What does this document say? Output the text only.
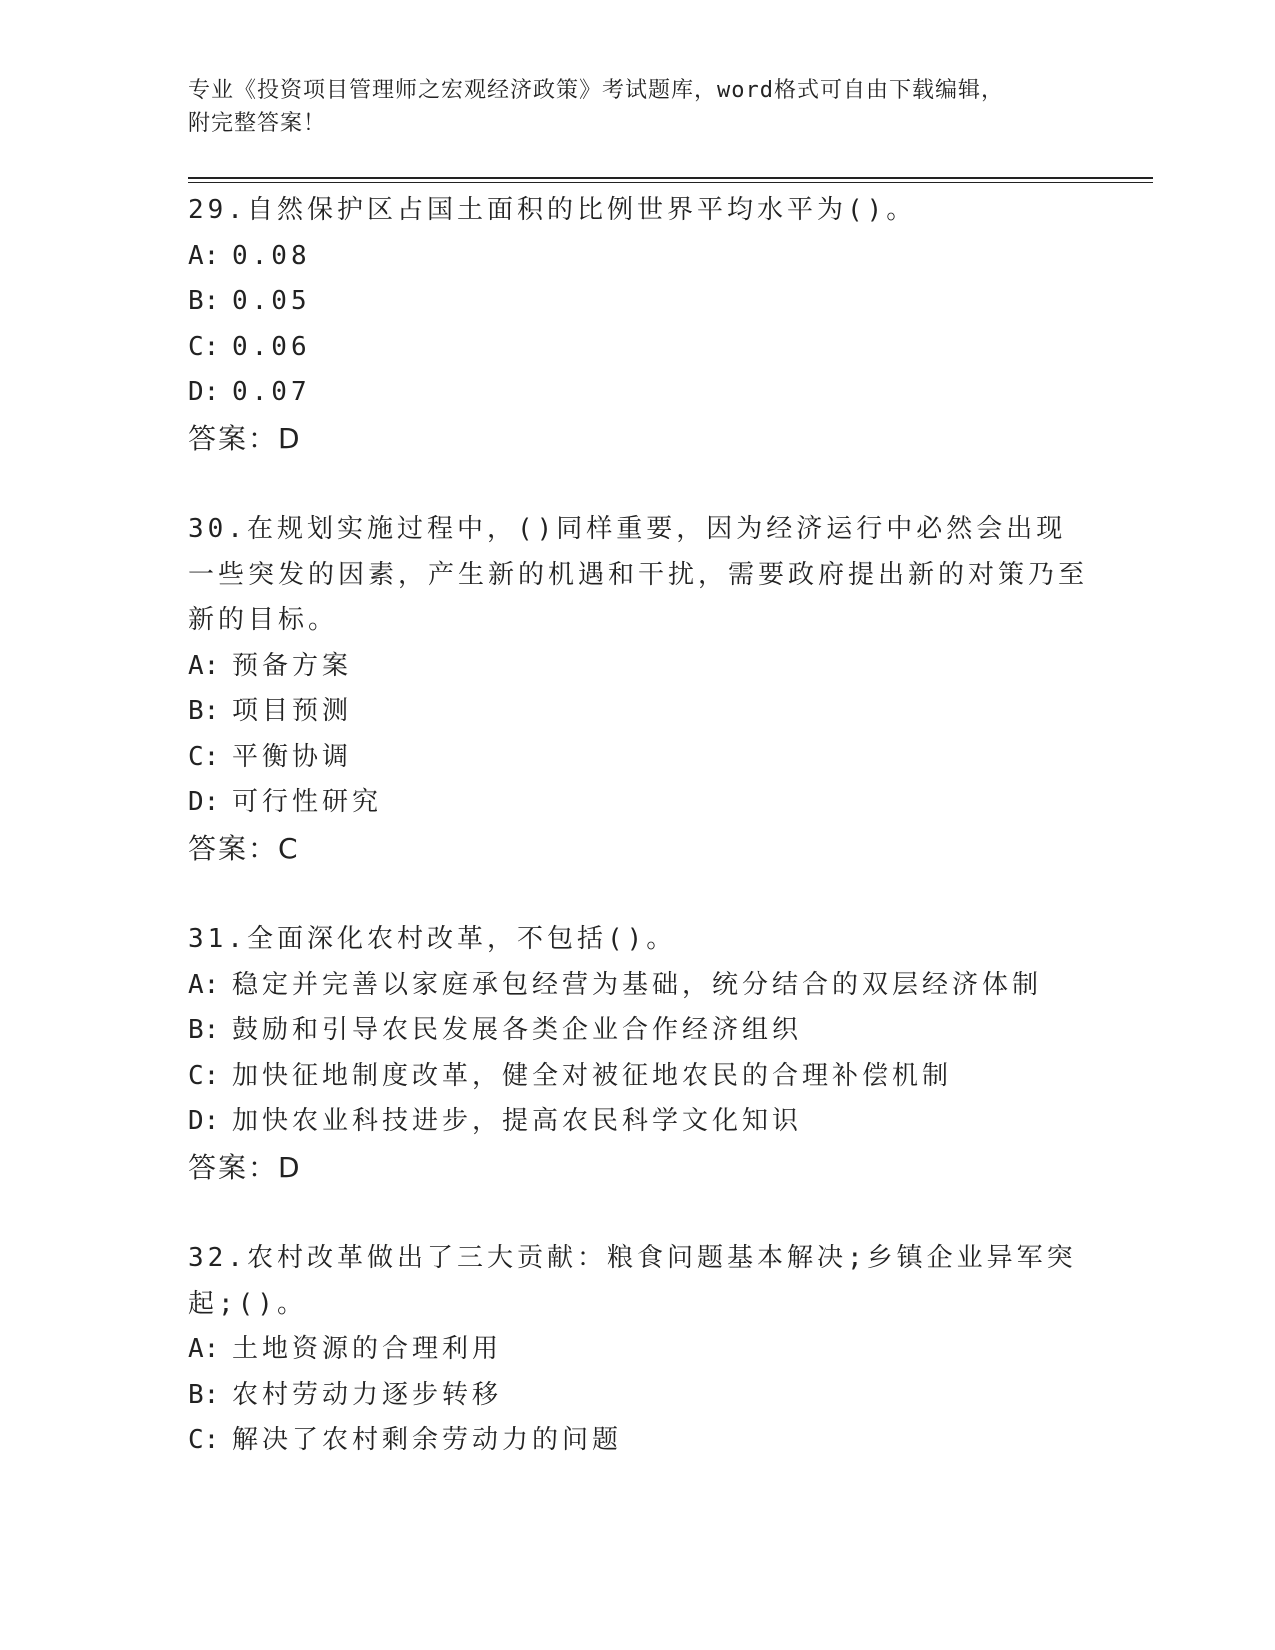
专业《投资项目管理师之宏观经济政策》考试题库，word格式可自由下载编辑，
附完整答案！

29.自然保护区占国土面积的比例世界平均水平为()。

A: 0.08

B: 0.05

C: 0.06

D: 0.07

答案：D

30.在规划实施过程中，()同样重要，因为经济运行中必然会出现一些突发的因素，产生新的机遇和干扰，需要政府提出新的对策乃至新的目标。

A: 预备方案

B: 项目预测

C: 平衡协调

D: 可行性研究

答案：C

31.全面深化农村改革，不包括()。

A: 稳定并完善以家庭承包经营为基础，统分结合的双层经济体制

B: 鼓励和引导农民发展各类企业合作经济组织

C: 加快征地制度改革，健全对被征地农民的合理补偿机制

D: 加快农业科技进步，提高农民科学文化知识

答案：D

32.农村改革做出了三大贡献：粮食问题基本解决;乡镇企业异军突起;()。

A: 土地资源的合理利用

B: 农村劳动力逐步转移

C: 解决了农村剩余劳动力的问题
